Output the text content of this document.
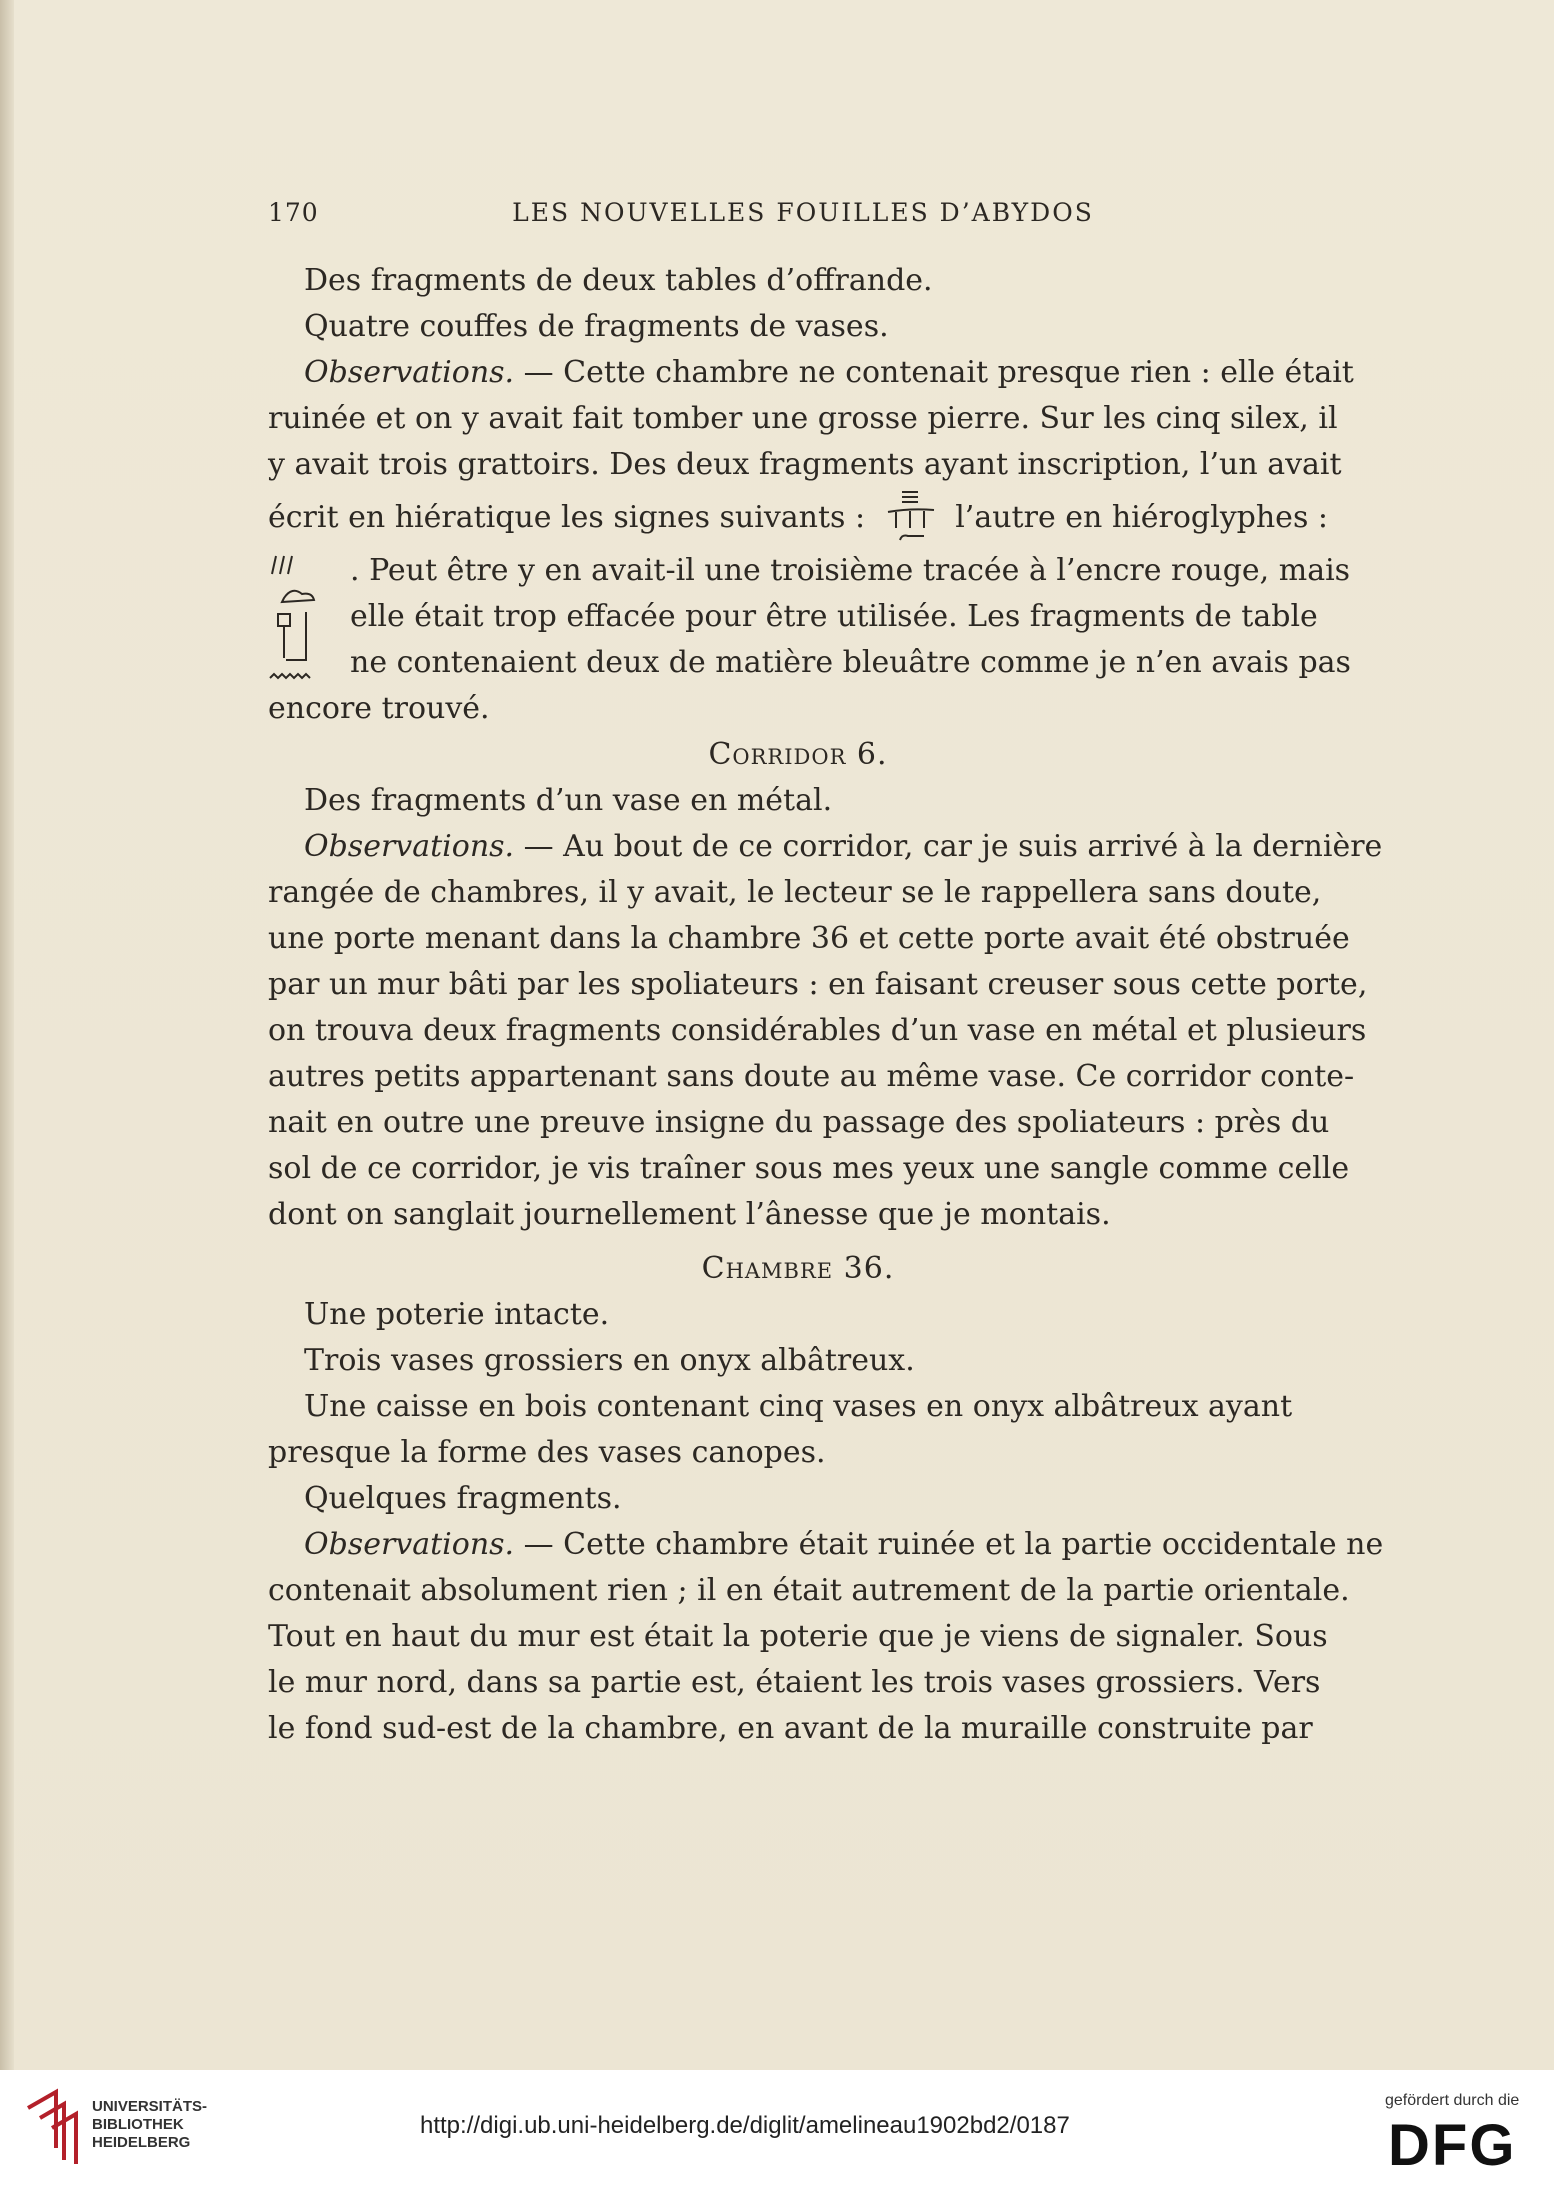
170	LES NOUVELLES FOUILLES D’ABYDOS

Des fragments de deux tables d’offrande.

Quatre couffes de fragments de vases.

Observations. — Cette chambre ne contenait presque rien : elle était
ruinée et on y avait fait tomber une grosse pierre. Sur les cinq silex, il
y avait trois grattoirs. Des deux fragments ayant inscription, l’un avait
écrit en hiératique les signes suivants :	l’autre en hiéroglyphes :
. Peut être y en avait-il une troisième tracée à l’encre rouge, mais
elle était trop effacée pour être utilisée. Les fragments de table
ne contenaient deux de matière bleuâtre comme je n’en avais pas
encore trouvé.

Corridor 6.

Des fragments d’un vase en métal.

Observations. — Au bout de ce corridor, car je suis arrivé à la dernière
rangée de chambres, il y avait, le lecteur se le rappellera sans doute,
une porte menant dans la chambre 36 et cette porte avait été obstruée
par un mur bâti par les spoliateurs : en faisant creuser sous cette porte,
on trouva deux fragments considérables d’un vase en métal et plusieurs
autres petits appartenant sans doute au même vase. Ce corridor conte-
nait en outre une preuve insigne du passage des spoliateurs : près du
sol de ce corridor, je vis traîner sous mes yeux une sangle comme celle
dont on sanglait journellement l’ânesse que je montais.

Chambre 36.

Une poterie intacte.

Trois vases grossiers en onyx albâtreux.

Une caisse en bois contenant cinq vases en onyx albâtreux ayant
presque la forme des vases canopes.

Quelques fragments.

Observations. — Cette chambre était ruinée et la partie occidentale ne
contenait absolument rien ; il en était autrement de la partie orientale.
Tout en haut du mur est était la poterie que je viens de signaler. Sous
le mur nord, dans sa partie est, étaient les trois vases grossiers. Vers
le fond sud-est de la chambre, en avant de la muraille construite par
UNIVERSITÄTS-
BIBLIOTHEK
HEIDELBERG
http://digi.ub.uni-heidelberg.de/diglit/amelineau1902bd2/0187
gefördert durch die
DFG
